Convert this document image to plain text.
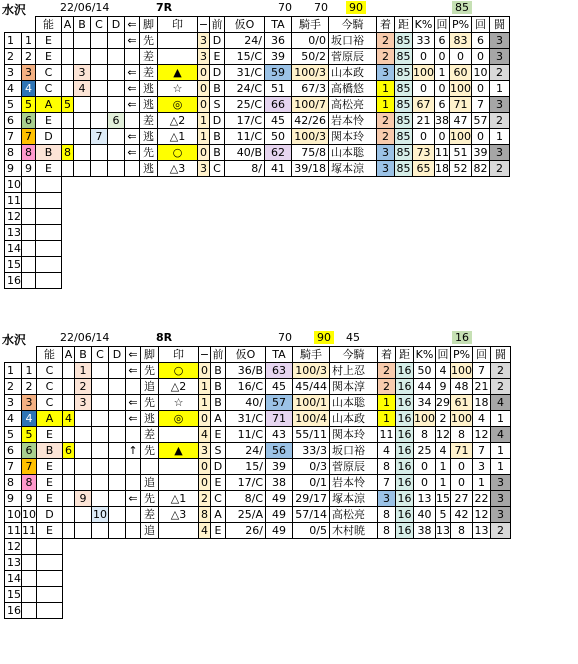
水沢	22/06/14	7R	70 70 90	85
		能	A	B	C	D	⇐	脚	印	−	前	仮O	TA	騎手	今騎	着	距	K%	回	P%	回	闘	
1	1	E					⇐	先		3	D	24/	36	0/0	坂口裕	2	85	33	6	83	6	3	
2	2	E						差		3	E	15/C	39	50/2	菅原辰	2	85	0	0	0	0	3	
3	3	C		3			⇐	差	▲	0	D	31/C	59	100/3	山本政	3	85	100	1	60	10	2	
4	4	C		4			⇐	逃	☆	0	B	24/C	51	67/3	高橋悠	1	85	0	0	100	0	1	
5	5	A	5				⇐	逃	◎	0	S	25/C	66	100/7	高松亮	1	85	67	6	71	7	3	
6	6	E				6		差	△2	1	D	17/C	45	42/26	岩本怜	2	85	21	38	47	57	2	
7	7	D			7		⇐	逃	△1	1	B	11/C	50	100/3	関本玲	2	85	0	0	100	0	1	
8	8	B	8				⇐	先	○	0	B	40/B	62	75/8	山本聡	3	85	73	11	51	39	3	
9	9	E						逃	△3	3	C	8/	41	39/18	塚本涼	3	85	65	18	52	82	2	
10																							
11																							
12																							
13																							
14																							
15																							
16																							
水沢	22/06/14	8R	70 90 45	16
		能	A	B	C	D	⇐	脚	印	−	前	仮O	TA	騎手	今騎	着	距	K%	回	P%	回	闘	
1	1	C		1			⇐	先	○	0	B	36/B	63	100/3	村上忍	2	16	50	4	100	7	2	
2	2	C		2				追	△2	1	B	16/C	45	45/44	関本淳	2	16	44	9	48	21	2	
3	3	C		3			⇐	先	☆	1	B	40/	57	100/1	山本聡	1	16	34	29	61	18	4	
4	4	A	4				⇐	逃	◎	0	A	31/C	71	100/4	山本政	1	16	100	2	100	4	1	
5	5	E						差		4	E	11/C	43	55/11	関本玲	11	16	8	12	8	12	4	
6	6	B	6				↑	先	▲	3	S	24/	56	33/3	坂口裕	4	16	25	4	71	7	1	
7	7	E								0	D	15/	39	0/3	菅原辰	8	16	0	1	0	3	1	
8	8	E						追		0	E	17/C	38	0/1	岩本怜	7	16	0	1	0	1	3	
9	9	E		9			⇐	先	△1	2	C	8/C	49	29/17	塚本涼	3	16	13	15	27	22	3	
10	10	D			10			差	△3	8	A	25/A	49	57/14	高松亮	8	16	40	5	42	12	3	
11	11	E						追		4	E	26/	49	0/5	木村暁	8	16	38	13	8	13	2	
12																							
13																							
14																							
15																							
16																							
